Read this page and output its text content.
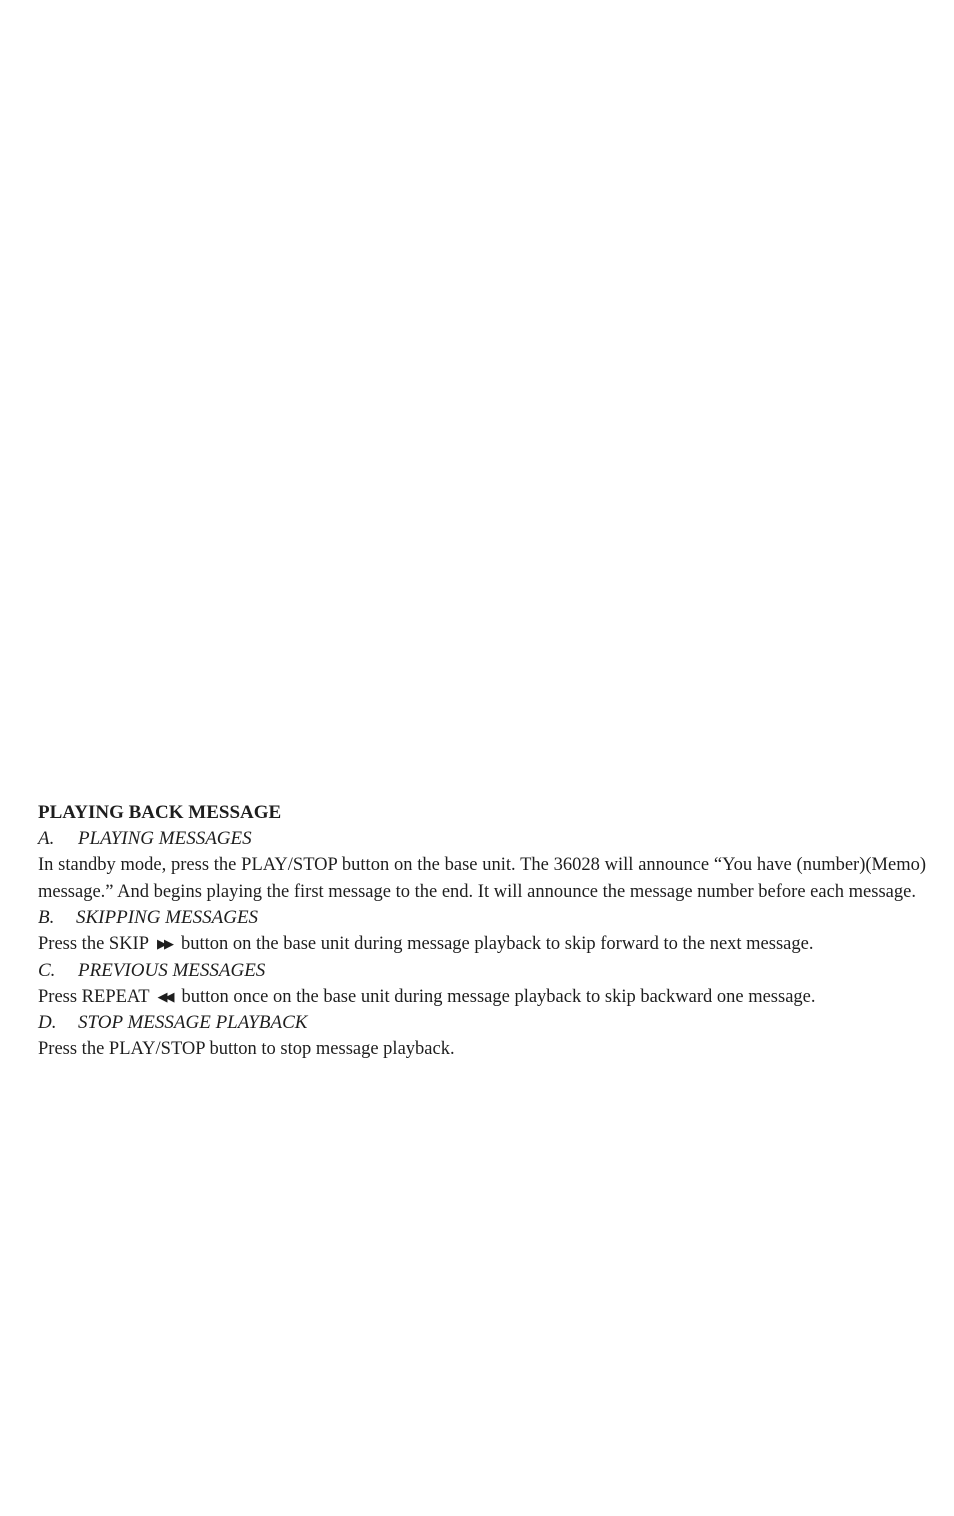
PLAYING BACK MESSAGE
A.	PLAYING MESSAGES

In standby mode, press the PLAY/STOP button on the base unit. The 36028 will announce “You have (number)(Memo) message.” And begins playing the first message to the end. It will announce the message number before each message.

B.	SKIPPING MESSAGES

Press the SKIP ▶▶ button on the base unit during message playback to skip forward to the next message.

C.	PREVIOUS MESSAGES

Press REPEAT ◀◀ button once on the base unit during message playback to skip backward one message.

D.	STOP MESSAGE PLAYBACK

Press the PLAY/STOP button to stop message playback.
